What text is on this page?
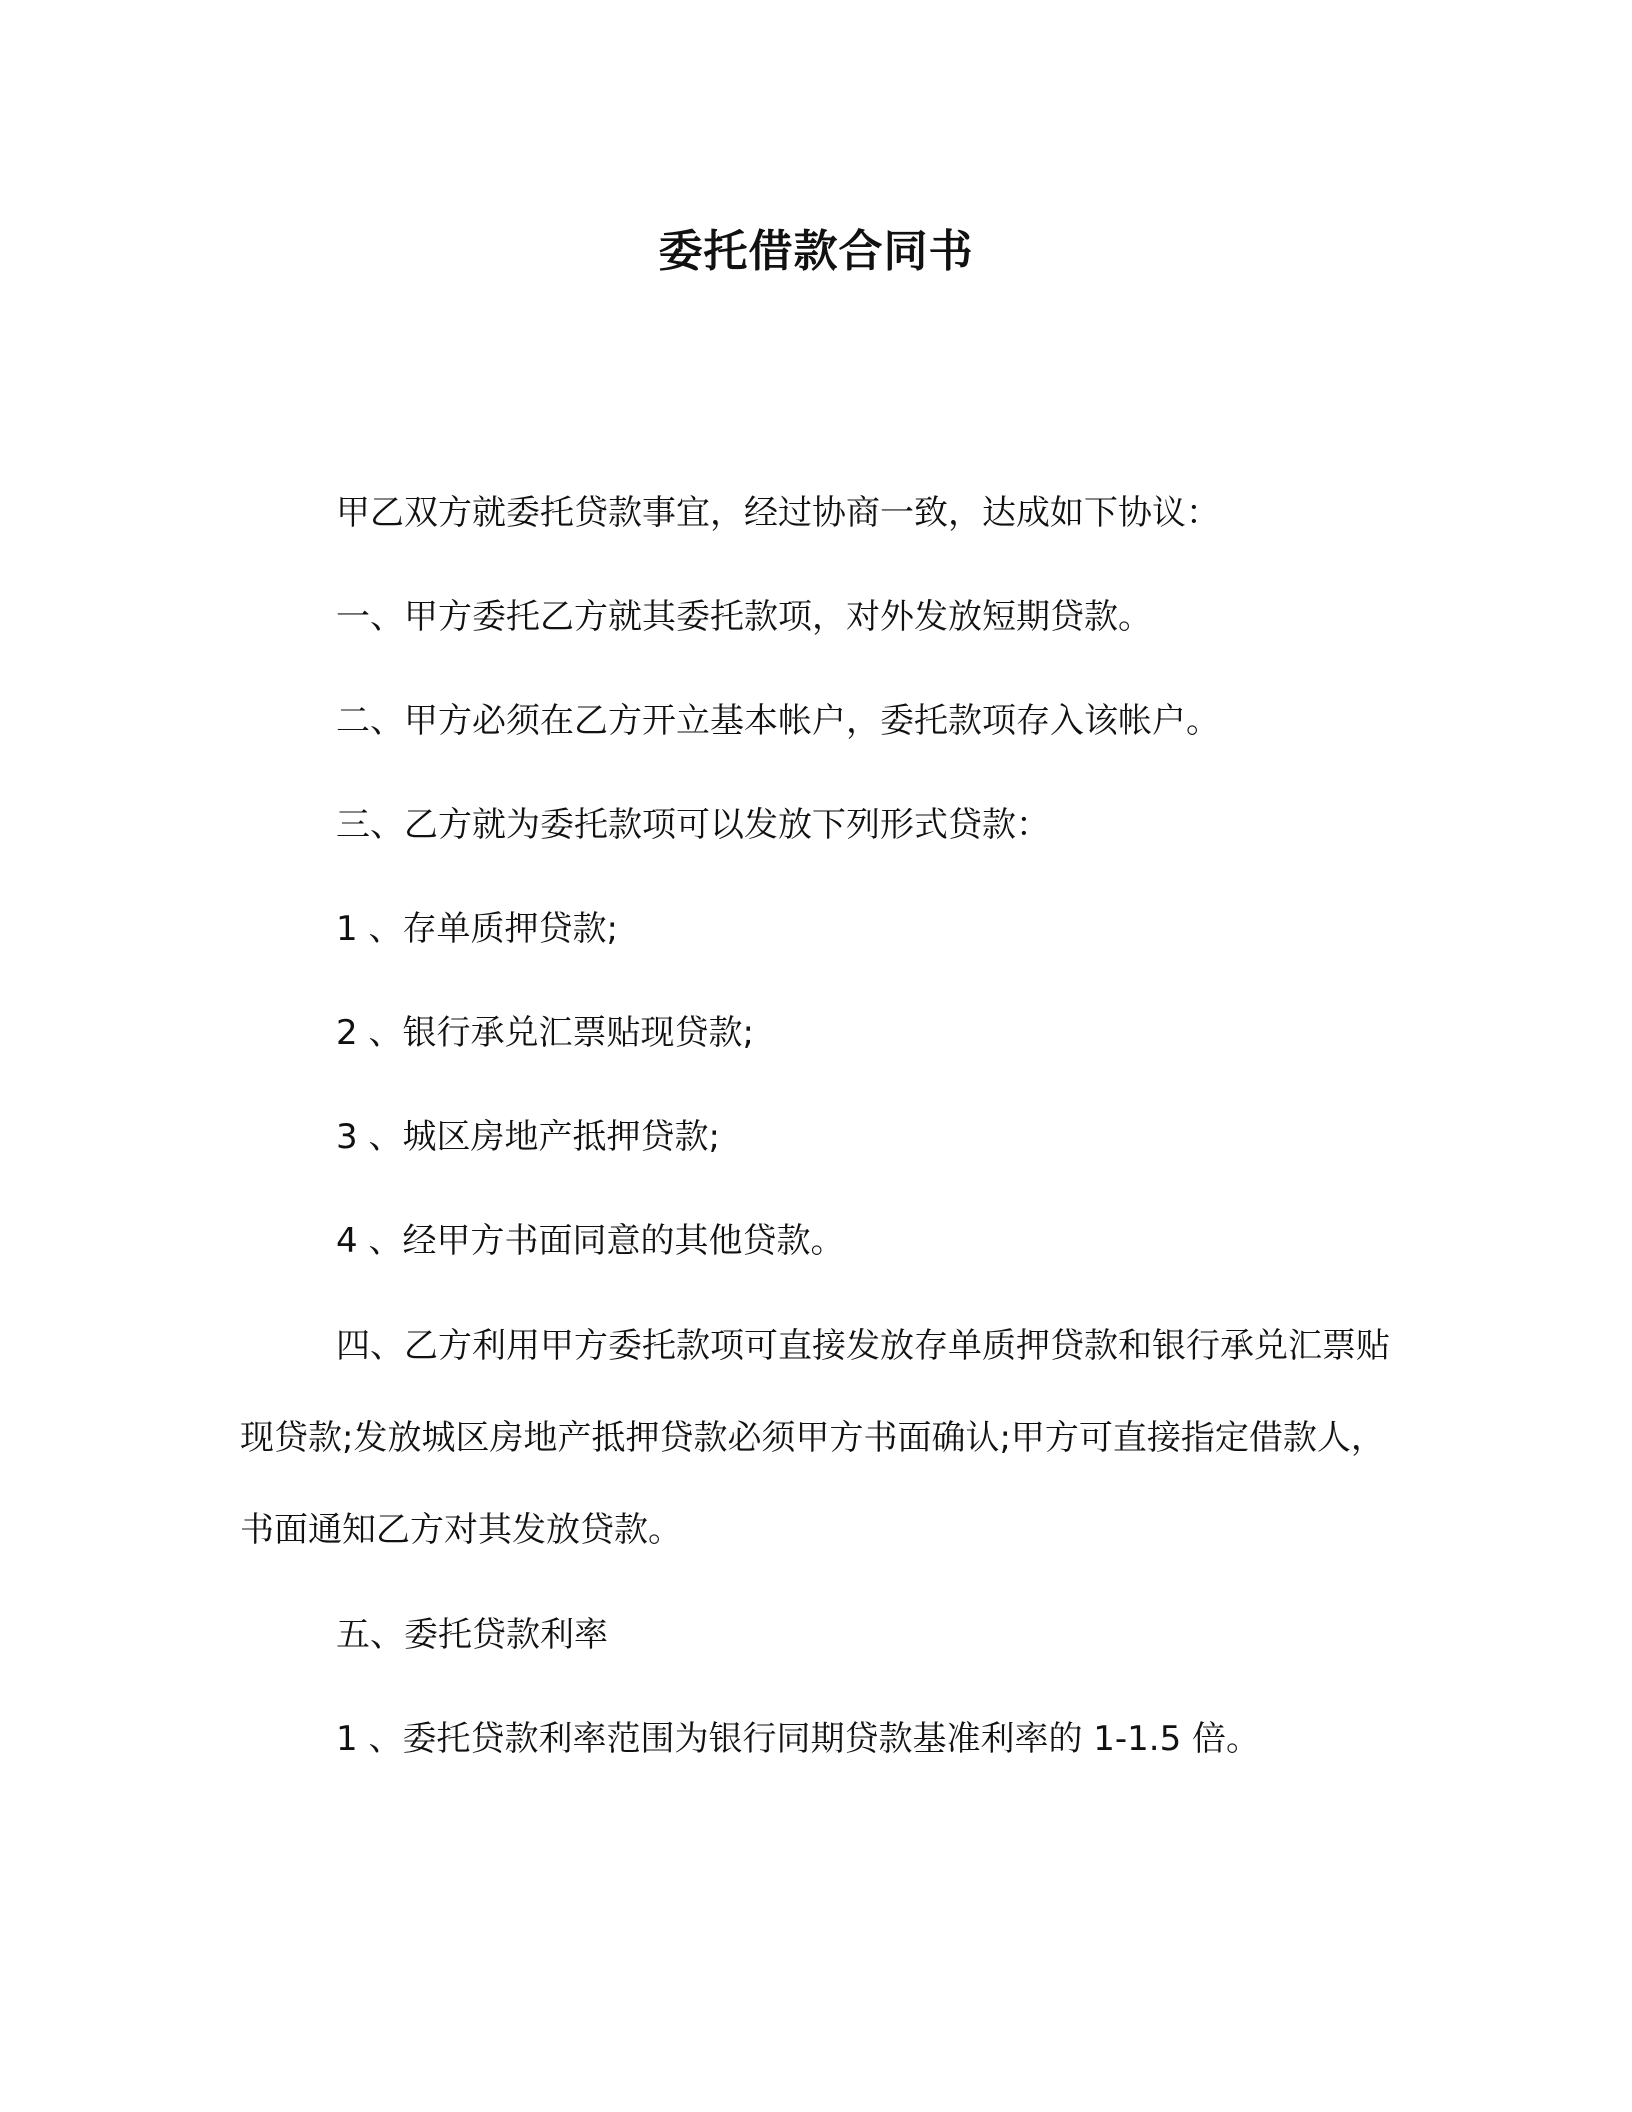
委托借款合同书

甲乙双方就委托贷款事宜，经过协商一致，达成如下协议：

一、甲方委托乙方就其委托款项，对外发放短期贷款。

二、甲方必须在乙方开立基本帐户，委托款项存入该帐户。

三、乙方就为委托款项可以发放下列形式贷款：

1 、存单质押贷款;

2 、银行承兑汇票贴现贷款;

3 、城区房地产抵押贷款;

4 、经甲方书面同意的其他贷款。

四、乙方利用甲方委托款项可直接发放存单质押贷款和银行承兑汇票贴现贷款;发放城区房地产抵押贷款必须甲方书面确认;甲方可直接指定借款人，书面通知乙方对其发放贷款。

五、委托贷款利率

1 、委托贷款利率范围为银行同期贷款基准利率的 1-1.5 倍。
